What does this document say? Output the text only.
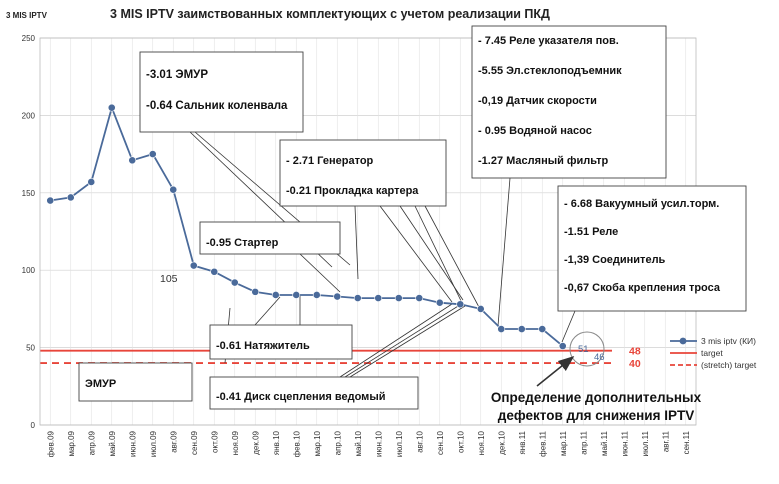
3 MIS IPTV заимствованных комплектующих с учетом реализации ПКД
3 MIS IPTV
48
40
0
50
100
150
200
250
фев.09 мар.09 апр.09 май.09 июн.09 июл.09 авг.09 сен.09 окт.09 ноя.09 дек.09 янв.10 фев.10 мар.10 апр.10 май.10 июн.10 июл.10 авг.10 сен.10 окт.10 ноя.10 дек.10 янв.11 фев.11 мар.11 апр.11 май.11 июн.11 июл.11 авг.11 сен.11
105
51
46
-3.01 ЭМУР
-0.64 Сальник коленвала
- 2.71 Генератор
-0.21 Прокладка картера
-0.95 Стартер
- 7.45 Реле указателя пов.
-5.55 Эл.стеклоподъемник
-0,19 Датчик скорости
- 0.95 Водяной насос
-1.27 Масляный фильтр
- 6.68 Вакуумный усил.торм.
-1.51 Реле
-1,39 Соединитель
-0,67 Скоба крепления троса
-0.61 Натяжитель
ЭМУР
-0.41 Диск сцепления ведомый
3 mis iptv (КИ)
target
(stretch) target
Определение дополнительных
дефектов для снижения IPTV
